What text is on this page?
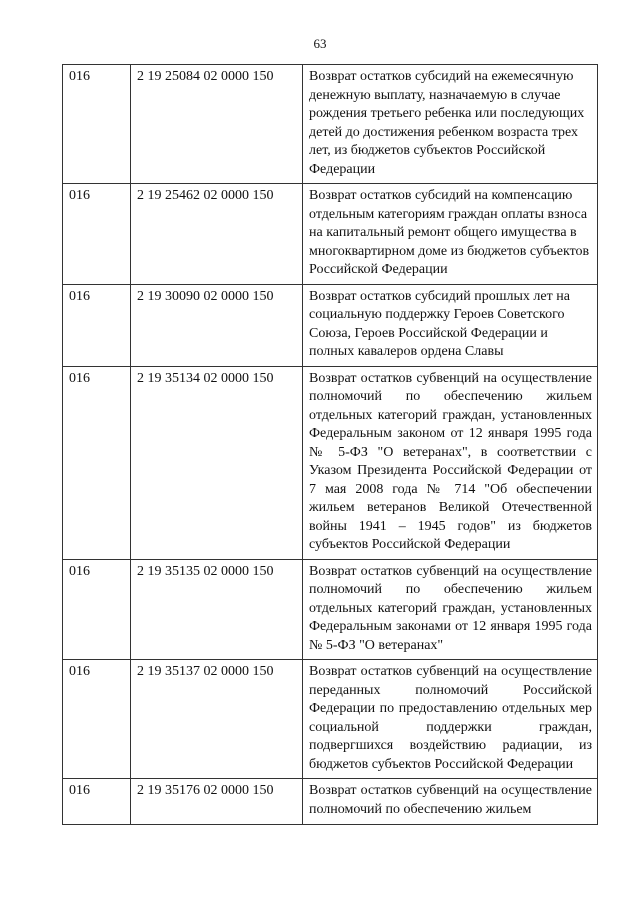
63
016	2 19 25084 02 0000 150	Возврат остатков субсидий на ежемесячную денежную выплату, назначаемую в случае рождения третьего ребенка или последующих детей до достижения ребенком возраста трех лет, из бюджетов субъектов Российской Федерации
016	2 19 25462 02 0000 150	Возврат остатков субсидий на компенсацию отдельным категориям граждан оплаты взноса на капитальный ремонт общего имущества в многоквартирном доме из бюджетов субъектов Российской Федерации
016	2 19 30090 02 0000 150	Возврат остатков субсидий прошлых лет на социальную поддержку Героев Советского Союза, Героев Российской Федерации и полных кавалеров ордена Славы
016	2 19 35134 02 0000 150	Возврат остатков субвенций на осуществление полномочий по обеспечению жильем отдельных категорий граждан, установленных Федеральным законом от 12 января 1995 года № 5-ФЗ "О ветеранах", в соответствии с Указом Президента Российской Федерации от 7 мая 2008 года № 714 "Об обеспечении жильем ветеранов Великой Отечественной войны 1941 – 1945 годов" из бюджетов субъектов Российской Федерации
016	2 19 35135 02 0000 150	Возврат остатков субвенций на осуществление полномочий по обеспечению жильем отдельных категорий граждан, установленных Федеральным законами от 12 января 1995 года № 5-ФЗ "О ветеранах"
016	2 19 35137 02 0000 150	Возврат остатков субвенций на осуществление переданных полномочий Российской Федерации по предоставлению отдельных мер социальной поддержки граждан, подвергшихся воздействию радиации, из бюджетов субъектов Российской Федерации
016	2 19 35176 02 0000 150	Возврат остатков субвенций на осуществление полномочий по обеспечению жильем
